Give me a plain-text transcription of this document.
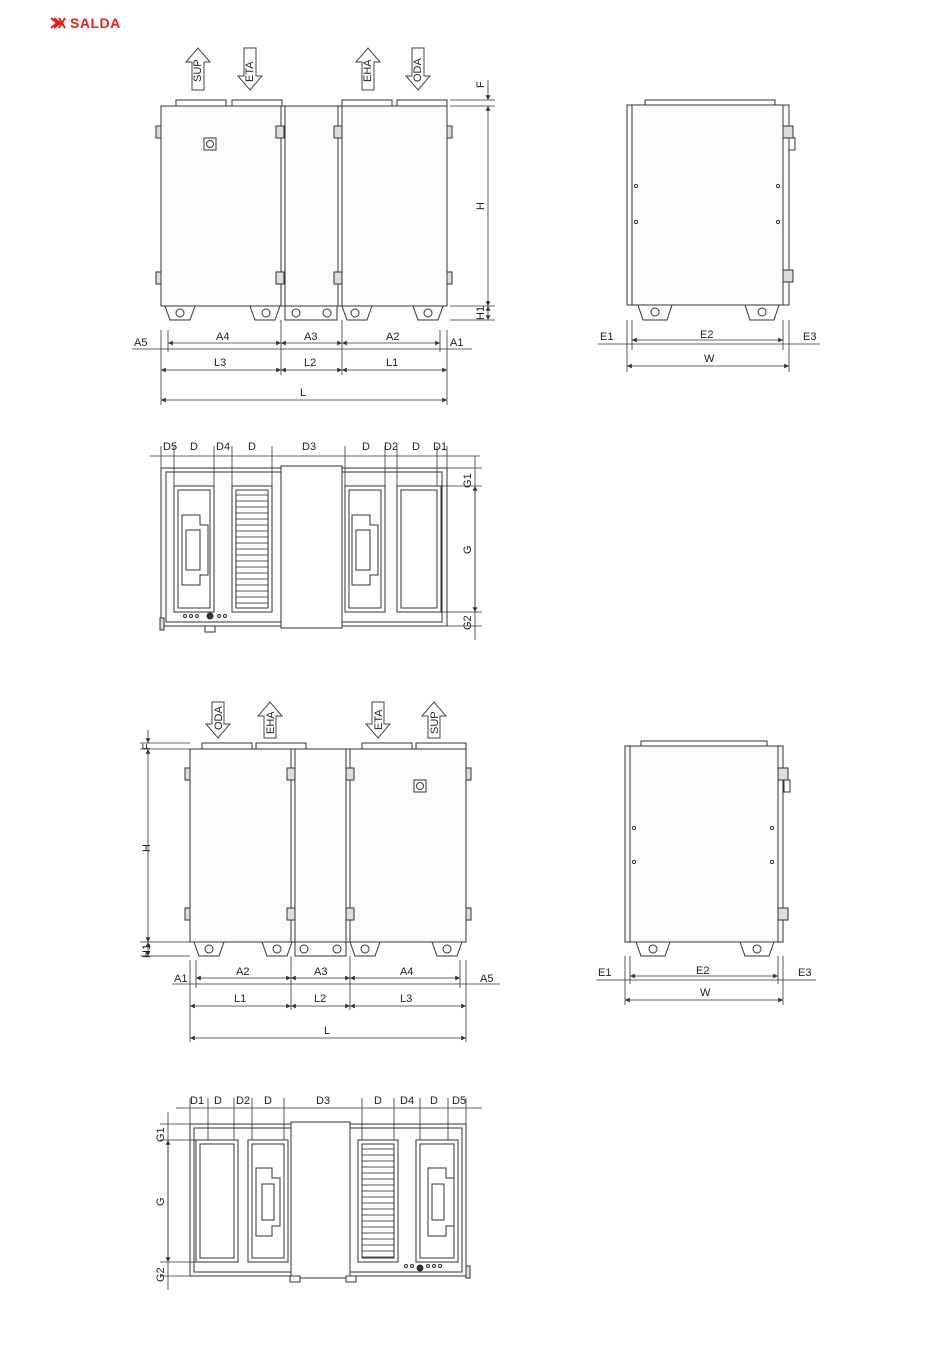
SALDA
SUP	ETA	EHA	ODA
F
H
H1
A5	A4	A3	A2	A1
L3	L2	L1
L
E1	E2	E3
W
D5 D D4 D	D3	D D2 D D1
G1
G
G2
ODA	EHA	ETA	SUP
F
H
H1
A1
A2	A3	A4
A5
L1	L2	L3
L
E1	E2	E3
W
D1 D D2 D	D3	D D4 D D5
G1
G
G2
